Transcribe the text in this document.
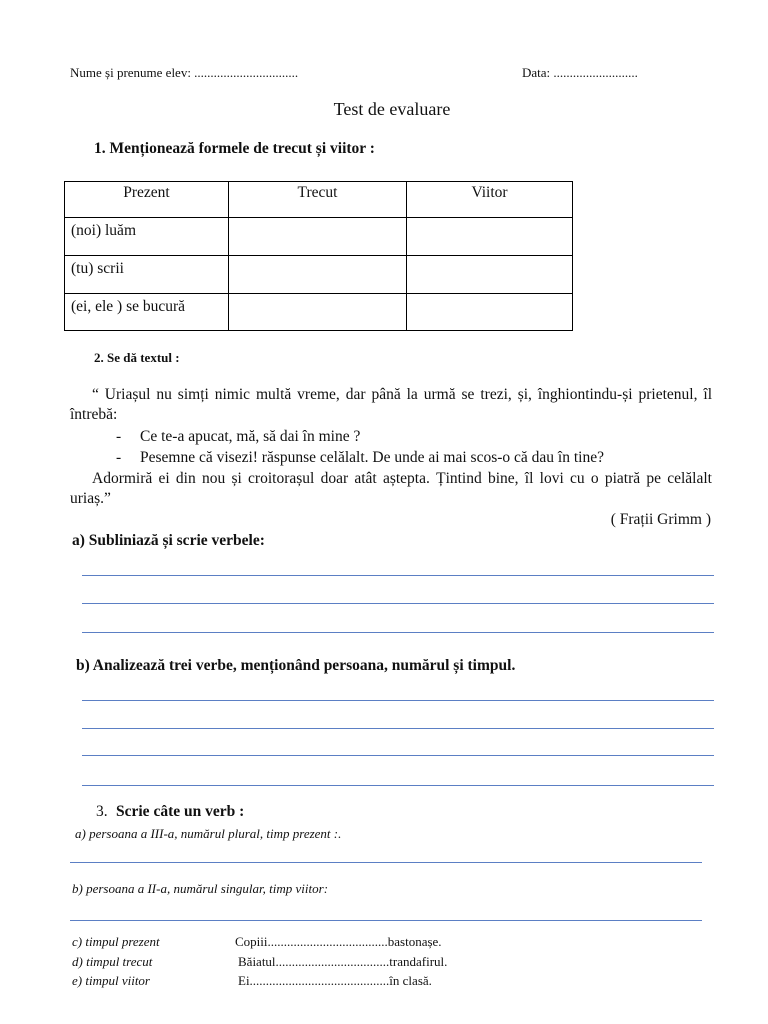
Nume și prenume elev: ................................	Data: ..........................
Test de evaluare
1. Menționează formele de trecut și viitor :
Prezent	Trecut	Viitor
(noi) luăm		
(tu) scrii		
(ei, ele ) se bucură		
2. Se dă textul :
“ Uriașul nu simți nimic multă vreme, dar până la urmă se trezi, și, înghiontindu-și prietenul, îl întrebă:
- Ce te-a apucat, mă, să dai în mine ?
- Pesemne că visezi! răspunse celălalt. De unde ai mai scos-o că dau în tine?
Adormiră ei din nou și croitorașul doar atât aștepta. Țintind bine, îl lovi cu o piatră pe celălalt uriaș.”
( Frații Grimm )
a) Subliniază și scrie verbele:
b) Analizează trei verbe, menționând persoana, numărul și timpul.
3. Scrie câte un verb :
a) persoana a III-a, numărul plural, timp prezent :.
b) persoana a II-a, numărul singular, timp viitor:
c) timpul prezent	Copiii.....................................bastonașe.
d) timpul trecut	Băiatul...................................trandafirul.
e) timpul viitor	Ei...........................................în clasă.
